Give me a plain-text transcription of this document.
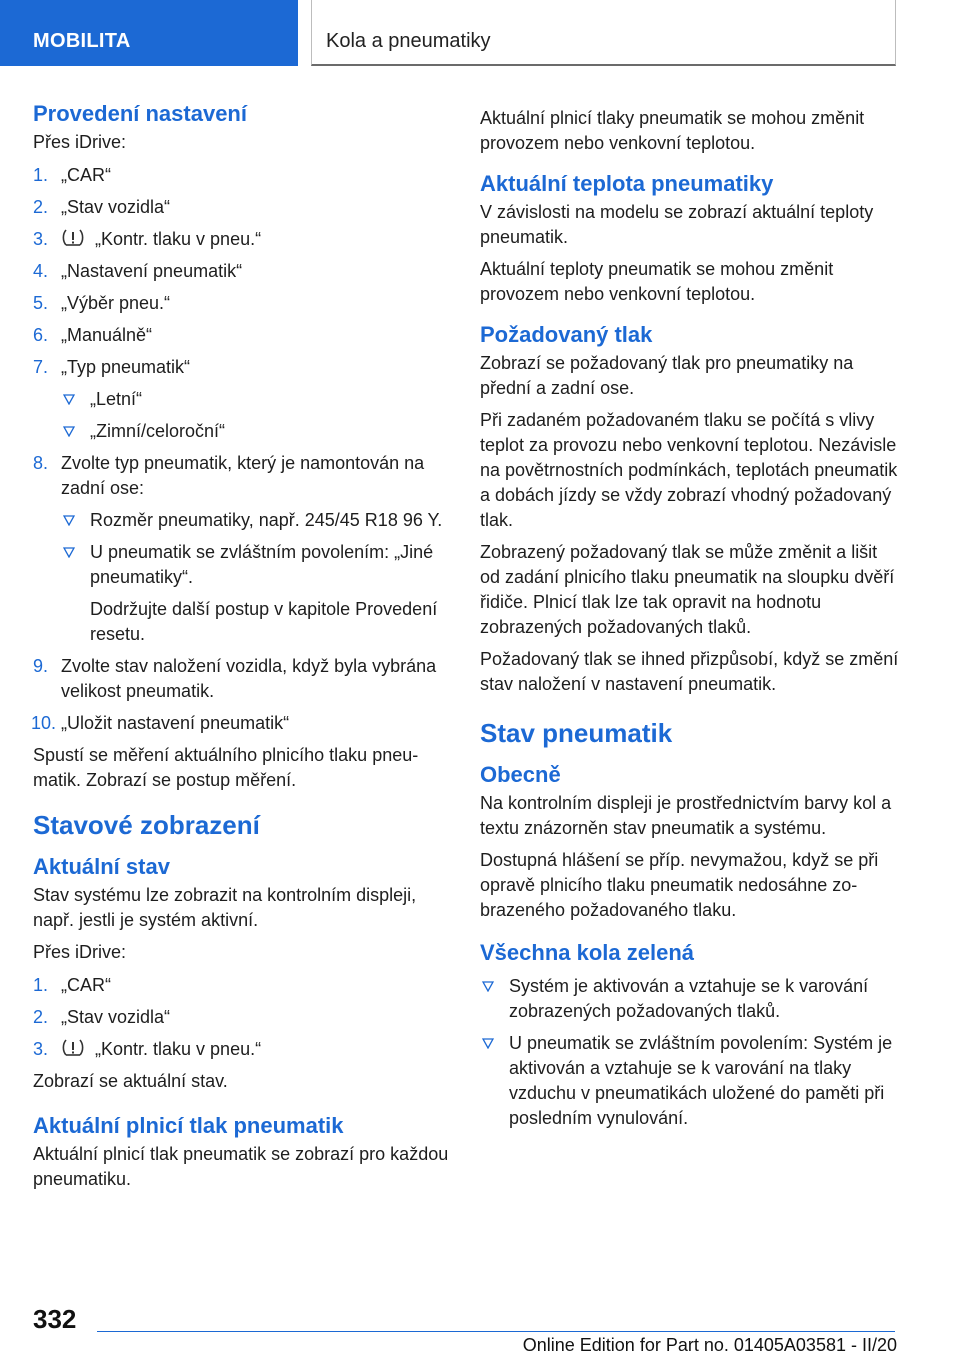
MOBILITA	Kola a pneumatiky
Provedení nastavení

Přes iDrive:

1. „CAR“
2. „Stav vozidla“
3.	„Kontr. tlaku v pneu.“
4. „Nastavení pneumatik“
5. „Výběr pneu.“
6. „Manuálně“
7. „Typ pneumatik“
„Letní“
„Zimní/celoroční“
8. Zvolte typ pneumatik, který je namontován na zadní ose:
Rozměr pneumatiky, např. 245/45 R18 96 Y.
U pneumatik se zvláštním povolením: „Jiné pneumatiky“.

Dodržujte další postup v kapitole Provedení resetu.

9. Zvolte stav naložení vozidla, když byla vybrána velikost pneumatik.
10. „Uložit nastavení pneumatik“

Spustí se měření aktuálního plnicího tlaku pneumatik. Zobrazí se postup měření.

Stavové zobrazení
Aktuální stav

Stav systému lze zobrazit na kontrolním displeji, např. jestli je systém aktivní.

Přes iDrive:

1. „CAR“
2. „Stav vozidla“
3.	„Kontr. tlaku v pneu.“

Zobrazí se aktuální stav.

Aktuální plnicí tlak pneumatik

Aktuální plnicí tlak pneumatik se zobrazí pro každou pneumatiku.

Aktuální plnicí tlaky pneumatik se mohou změnit provozem nebo venkovní teplotou.

Aktuální teplota pneumatiky

V závislosti na modelu se zobrazí aktuální teploty pneumatik.

Aktuální teploty pneumatik se mohou změnit provozem nebo venkovní teplotou.

Požadovaný tlak

Zobrazí se požadovaný tlak pro pneumatiky na přední a zadní ose.

Při zadaném požadovaném tlaku se počítá s vlivy teplot za provozu nebo venkovní teplotou. Nezávisle na povětrnostních podmínkách, teplotách pneumatik a dobách jízdy se vždy zobrazí vhodný požadovaný tlak.

Zobrazený požadovaný tlak se může změnit a lišit od zadání plnicího tlaku pneumatik na sloupku dvěří řidiče. Plnicí tlak lze tak opravit na hodnotu zobrazených požadovaných tlaků.

Požadovaný tlak se ihned přizpůsobí, když se změní stav naložení v nastavení pneumatik.

Stav pneumatik
Obecně

Na kontrolním displeji je prostřednictvím barvy kol a textu znázorněn stav pneumatik a systému.

Dostupná hlášení se příp. nevymažou, když se při opravě plnicího tlaku pneumatik nedosáhne zobrazeného požadovaného tlaku.

Všechna kola zelená
Systém je aktivován a vztahuje se k varování zobrazených požadovaných tlaků.
U pneumatik se zvláštním povolením: Systém je aktivován a vztahuje se k varování na tlaky vzduchu v pneumatikách uložené do paměti při posledním vynulování.
332
Online Edition for Part no. 01405A03581 - II/20
